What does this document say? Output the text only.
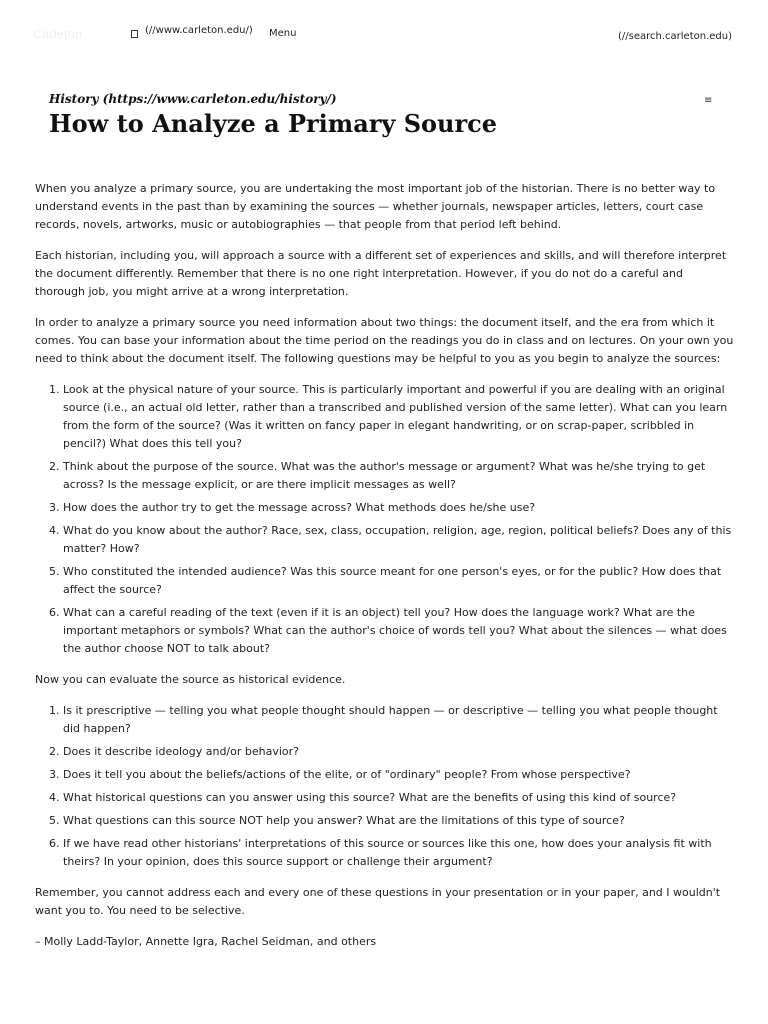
Carleton	(//www.carleton.edu/) Menu	(//search.carleton.edu)
History (https://www.carleton.edu/history/)	≡
How to Analyze a Primary Source

When you analyze a primary source, you are undertaking the most important job of the historian. There is no better way to understand events in the past than by examining the sources — whether journals, newspaper articles, letters, court case records, novels, artworks, music or autobiographies — that people from that period left behind.

Each historian, including you, will approach a source with a different set of experiences and skills, and will therefore interpret the document differently. Remember that there is no one right interpretation. However, if you do not do a careful and thorough job, you might arrive at a wrong interpretation.

In order to analyze a primary source you need information about two things: the document itself, and the era from which it comes. You can base your information about the time period on the readings you do in class and on lectures. On your own you need to think about the document itself. The following questions may be helpful to you as you begin to analyze the sources:

1. Look at the physical nature of your source. This is particularly important and powerful if you are dealing with an original source (i.e., an actual old letter, rather than a transcribed and published version of the same letter). What can you learn from the form of the source? (Was it written on fancy paper in elegant handwriting, or on scrap-paper, scribbled in pencil?) What does this tell you?
2. Think about the purpose of the source. What was the author's message or argument? What was he/she trying to get across? Is the message explicit, or are there implicit messages as well?
3. How does the author try to get the message across? What methods does he/she use?
4. What do you know about the author? Race, sex, class, occupation, religion, age, region, political beliefs? Does any of this matter? How?
5. Who constituted the intended audience? Was this source meant for one person's eyes, or for the public? How does that affect the source?
6. What can a careful reading of the text (even if it is an object) tell you? How does the language work? What are the important metaphors or symbols? What can the author's choice of words tell you? What about the silences — what does the author choose NOT to talk about?

Now you can evaluate the source as historical evidence.

1. Is it prescriptive — telling you what people thought should happen — or descriptive — telling you what people thought did happen?
2. Does it describe ideology and/or behavior?
3. Does it tell you about the beliefs/actions of the elite, or of "ordinary" people? From whose perspective?
4. What historical questions can you answer using this source? What are the benefits of using this kind of source?
5. What questions can this source NOT help you answer? What are the limitations of this type of source?
6. If we have read other historians' interpretations of this source or sources like this one, how does your analysis fit with theirs? In your opinion, does this source support or challenge their argument?

Remember, you cannot address each and every one of these questions in your presentation or in your paper, and I wouldn't want you to. You need to be selective.

– Molly Ladd-Taylor, Annette Igra, Rachel Seidman, and others
